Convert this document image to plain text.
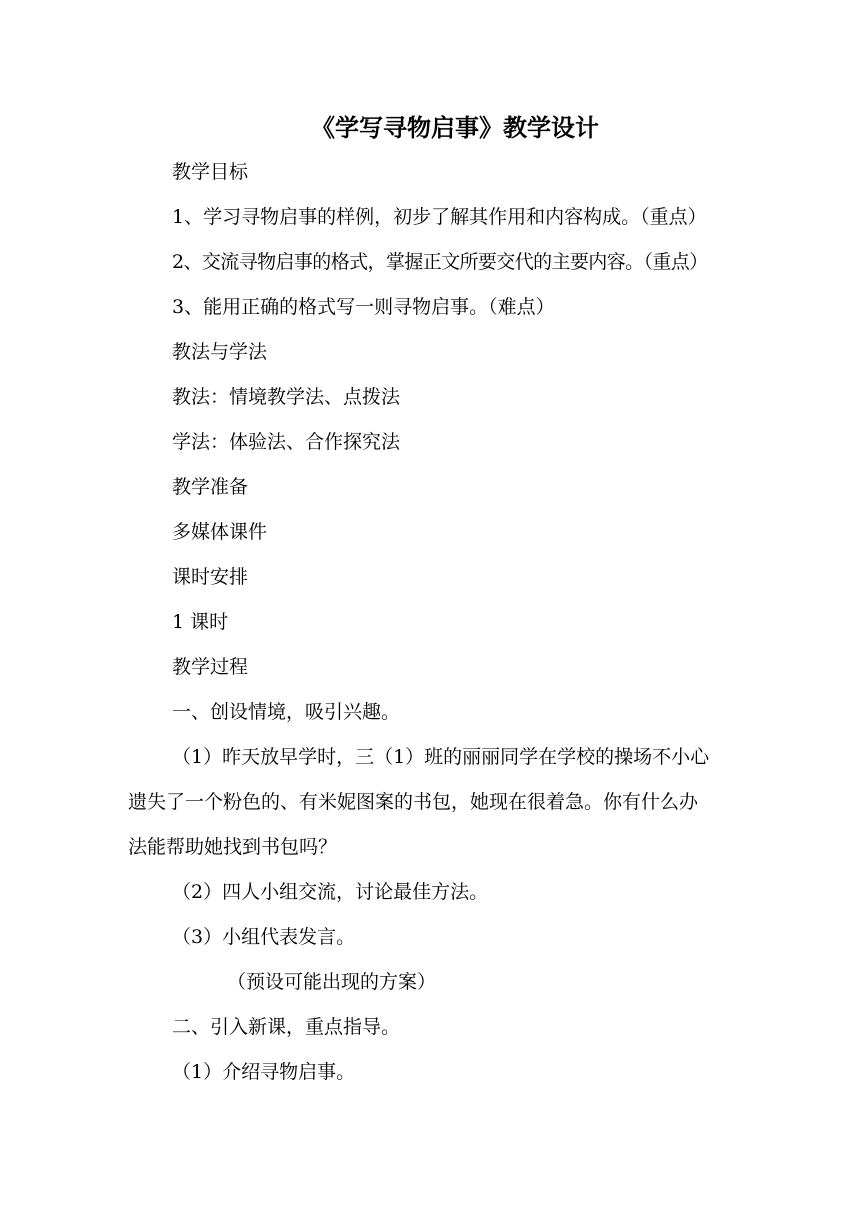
《学写寻物启事》教学设计

教学目标

1、学习寻物启事的样例，初步了解其作用和内容构成。（重点）

2、交流寻物启事的格式，掌握正文所要交代的主要内容。（重点）

3、能用正确的格式写一则寻物启事。（难点）

教法与学法

教法：情境教学法、点拨法

学法：体验法、合作探究法

教学准备

多媒体课件

课时安排

1 课时

教学过程

一、创设情境，吸引兴趣。

（1）昨天放早学时，三（1）班的丽丽同学在学校的操场不小心

遗失了一个粉色的、有米妮图案的书包，她现在很着急。你有什么办

法能帮助她找到书包吗？

（2）四人小组交流，讨论最佳方法。

（3）小组代表发言。

（预设可能出现的方案）

二、引入新课，重点指导。

（1）介绍寻物启事。
